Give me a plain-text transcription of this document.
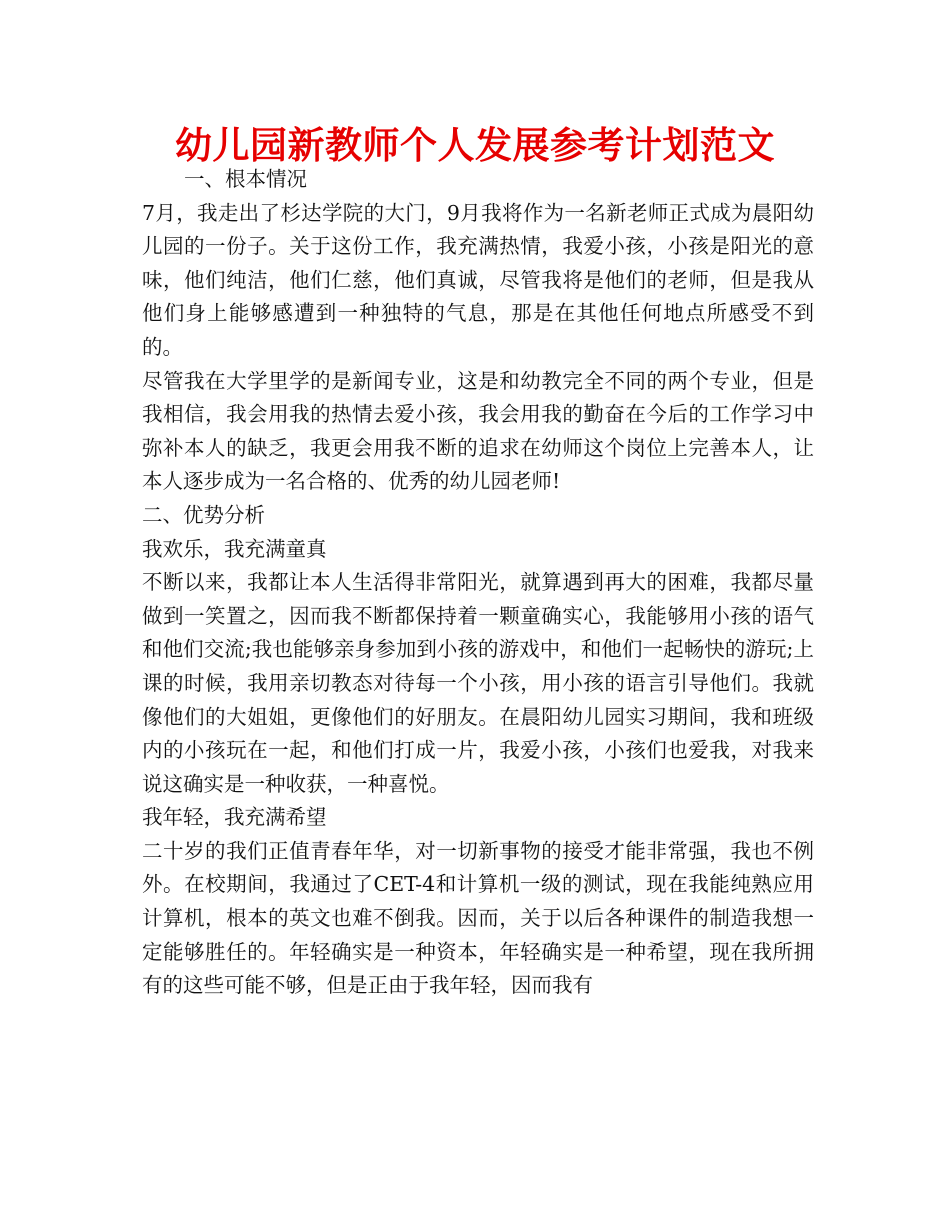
幼儿园新教师个人发展参考计划范文

一、根本情况

7月，我走出了杉达学院的大门，9月我将作为一名新老师正式成为晨阳幼儿园的一份子。关于这份工作，我充满热情，我爱小孩，小孩是阳光的意味，他们纯洁，他们仁慈，他们真诚，尽管我将是他们的老师，但是我从他们身上能够感遭到一种独特的气息，那是在其他任何地点所感受不到的。

尽管我在大学里学的是新闻专业，这是和幼教完全不同的两个专业，但是我相信，我会用我的热情去爱小孩，我会用我的勤奋在今后的工作学习中弥补本人的缺乏，我更会用我不断的追求在幼师这个岗位上完善本人，让本人逐步成为一名合格的、优秀的幼儿园老师!

二、优势分析

我欢乐，我充满童真

不断以来，我都让本人生活得非常阳光，就算遇到再大的困难，我都尽量做到一笑置之，因而我不断都保持着一颗童确实心，我能够用小孩的语气和他们交流;我也能够亲身参加到小孩的游戏中，和他们一起畅快的游玩;上课的时候，我用亲切教态对待每一个小孩，用小孩的语言引导他们。我就像他们的大姐姐，更像他们的好朋友。在晨阳幼儿园实习期间，我和班级内的小孩玩在一起，和他们打成一片，我爱小孩，小孩们也爱我，对我来说这确实是一种收获，一种喜悦。

我年轻，我充满希望

二十岁的我们正值青春年华，对一切新事物的接受才能非常强，我也不例外。在校期间，我通过了CET-4和计算机一级的测试，现在我能纯熟应用计算机，根本的英文也难不倒我。因而，关于以后各种课件的制造我想一定能够胜任的。年轻确实是一种资本，年轻确实是一种希望，现在我所拥有的这些可能不够，但是正由于我年轻，因而我有
